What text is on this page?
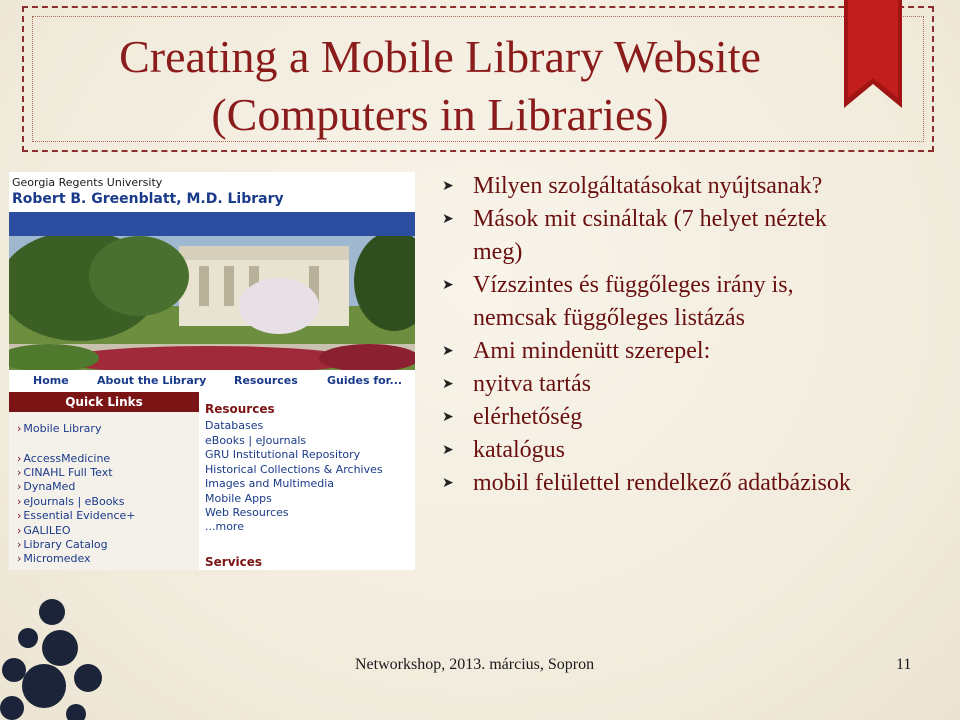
Creating a Mobile Library Website
(Computers in Libraries)
Georgia Regents University
Robert B. Greenblatt, M.D. Library
Home	About the Library	Resources	Guides for...
Quick Links
› Mobile Library
› AccessMedicine
› CINAHL Full Text
› DynaMed
› eJournals | eBooks
› Essential Evidence+
› GALILEO
› Library Catalog
› Micromedex
Resources
Databases
eBooks | eJournals
GRU Institutional Repository
Historical Collections & Archives
Images and Multimedia
Mobile Apps
Web Resources
...more
Services
➤ Milyen szolgáltatásokat nyújtsanak?
➤ Mások mit csináltak (7 helyet néztek
meg)
➤ Vízszintes és függőleges irány is,
nemcsak függőleges listázás
➤ Ami mindenütt szerepel:
➤ nyitva tartás
➤ elérhetőség
➤ katalógus
➤ mobil felülettel rendelkező adatbázisok
Networkshop, 2013. március, Sopron	11
